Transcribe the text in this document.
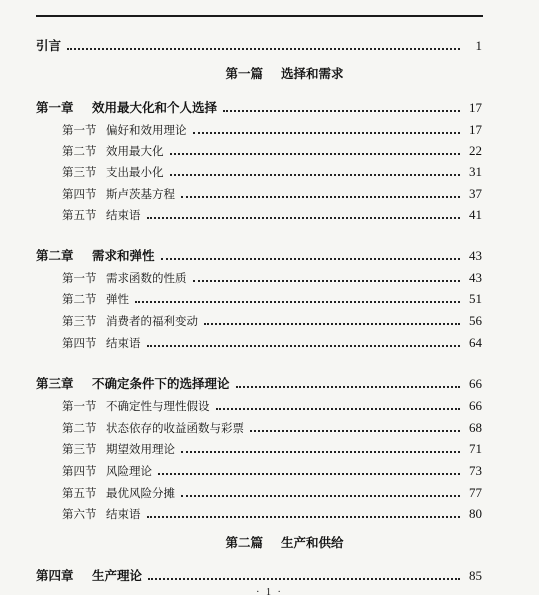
引言	1
第一篇 选择和需求
第一章	效用最大化和个人选择	17
第一节 偏好和效用理论	17
第二节 效用最大化	22
第三节 支出最小化	31
第四节 斯卢茨基方程	37
第五节 结束语	41
第二章	需求和弹性	43
第一节 需求函数的性质	43
第二节 弹性	51
第三节 消费者的福利变动	56
第四节 结束语	64
第三章	不确定条件下的选择理论	66
第一节 不确定性与理性假设	66
第二节 状态依存的收益函数与彩票	68
第三节 期望效用理论	71
第四节 风险理论	73
第五节 最优风险分摊	77
第六节 结束语	80
第二篇 生产和供给
第四章	生产理论	85
· 1 ·
